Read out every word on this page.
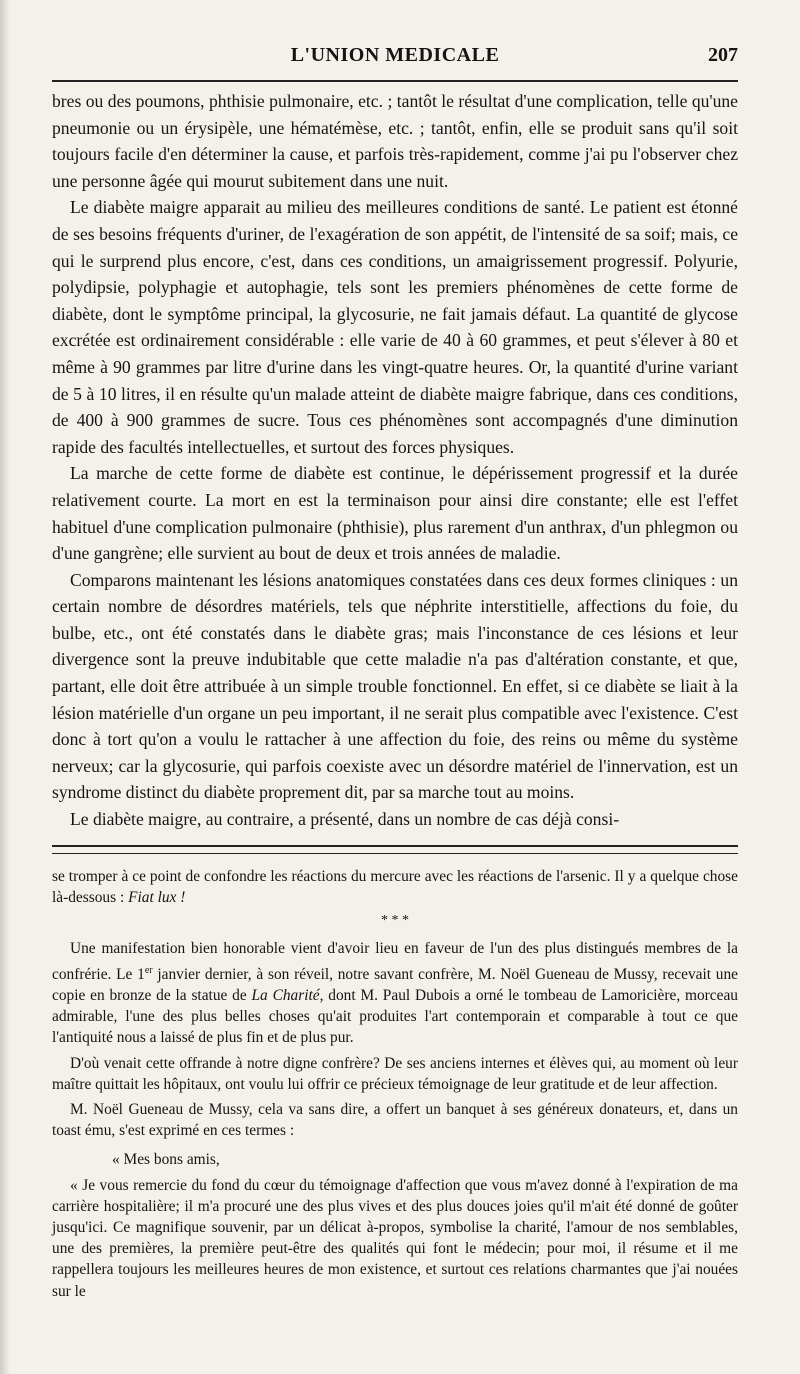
L'UNION MEDICALE	207

bres ou des poumons, phthisie pulmonaire, etc. ; tantôt le résultat d'une complication, telle qu'une pneumonie ou un érysipèle, une hématémèse, etc. ; tantôt, enfin, elle se produit sans qu'il soit toujours facile d'en déterminer la cause, et parfois très-rapidement, comme j'ai pu l'observer chez une personne âgée qui mourut subitement dans une nuit.

Le diabète maigre apparait au milieu des meilleures conditions de santé. Le patient est étonné de ses besoins fréquents d'uriner, de l'exagération de son appétit, de l'intensité de sa soif; mais, ce qui le surprend plus encore, c'est, dans ces conditions, un amaigrissement progressif. Polyurie, polydipsie, polyphagie et autophagie, tels sont les premiers phénomènes de cette forme de diabète, dont le symptôme principal, la glycosurie, ne fait jamais défaut. La quantité de glycose excrétée est ordinairement considérable : elle varie de 40 à 60 grammes, et peut s'élever à 80 et même à 90 grammes par litre d'urine dans les vingt-quatre heures. Or, la quantité d'urine variant de 5 à 10 litres, il en résulte qu'un malade atteint de diabète maigre fabrique, dans ces conditions, de 400 à 900 grammes de sucre. Tous ces phénomènes sont accompagnés d'une diminution rapide des facultés intellectuelles, et surtout des forces physiques.

La marche de cette forme de diabète est continue, le dépérissement progressif et la durée relativement courte. La mort en est la terminaison pour ainsi dire constante; elle est l'effet habituel d'une complication pulmonaire (phthisie), plus rarement d'un anthrax, d'un phlegmon ou d'une gangrène; elle survient au bout de deux et trois années de maladie.

Comparons maintenant les lésions anatomiques constatées dans ces deux formes cliniques : un certain nombre de désordres matériels, tels que néphrite interstitielle, affections du foie, du bulbe, etc., ont été constatés dans le diabète gras; mais l'inconstance de ces lésions et leur divergence sont la preuve indubitable que cette maladie n'a pas d'altération constante, et que, partant, elle doit être attribuée à un simple trouble fonctionnel. En effet, si ce diabète se liait à la lésion matérielle d'un organe un peu important, il ne serait plus compatible avec l'existence. C'est donc à tort qu'on a voulu le rattacher à une affection du foie, des reins ou même du système nerveux; car la glycosurie, qui parfois coexiste avec un désordre matériel de l'innervation, est un syndrome distinct du diabète proprement dit, par sa marche tout au moins.

Le diabète maigre, au contraire, a présenté, dans un nombre de cas déjà consi-

se tromper à ce point de confondre les réactions du mercure avec les réactions de l'arsenic. Il y a quelque chose là-dessous : Fiat lux !

* * *

Une manifestation bien honorable vient d'avoir lieu en faveur de l'un des plus distingués membres de la confrérie. Le 1er janvier dernier, à son réveil, notre savant confrère, M. Noël Gueneau de Mussy, recevait une copie en bronze de la statue de La Charité, dont M. Paul Dubois a orné le tombeau de Lamoricière, morceau admirable, l'une des plus belles choses qu'ait produites l'art contemporain et comparable à tout ce que l'antiquité nous a laissé de plus fin et de plus pur.

D'où venait cette offrande à notre digne confrère? De ses anciens internes et élèves qui, au moment où leur maître quittait les hôpitaux, ont voulu lui offrir ce précieux témoignage de leur gratitude et de leur affection.

M. Noël Gueneau de Mussy, cela va sans dire, a offert un banquet à ses généreux donateurs, et, dans un toast ému, s'est exprimé en ces termes :

« Mes bons amis,

« Je vous remercie du fond du cœur du témoignage d'affection que vous m'avez donné à l'expiration de ma carrière hospitalière; il m'a procuré une des plus vives et des plus douces joies qu'il m'ait été donné de goûter jusqu'ici. Ce magnifique souvenir, par un délicat à-propos, symbolise la charité, l'amour de nos semblables, une des premières, la première peut-être des qualités qui font le médecin; pour moi, il résume et il me rappellera toujours les meilleures heures de mon existence, et surtout ces relations charmantes que j'ai nouées sur le
